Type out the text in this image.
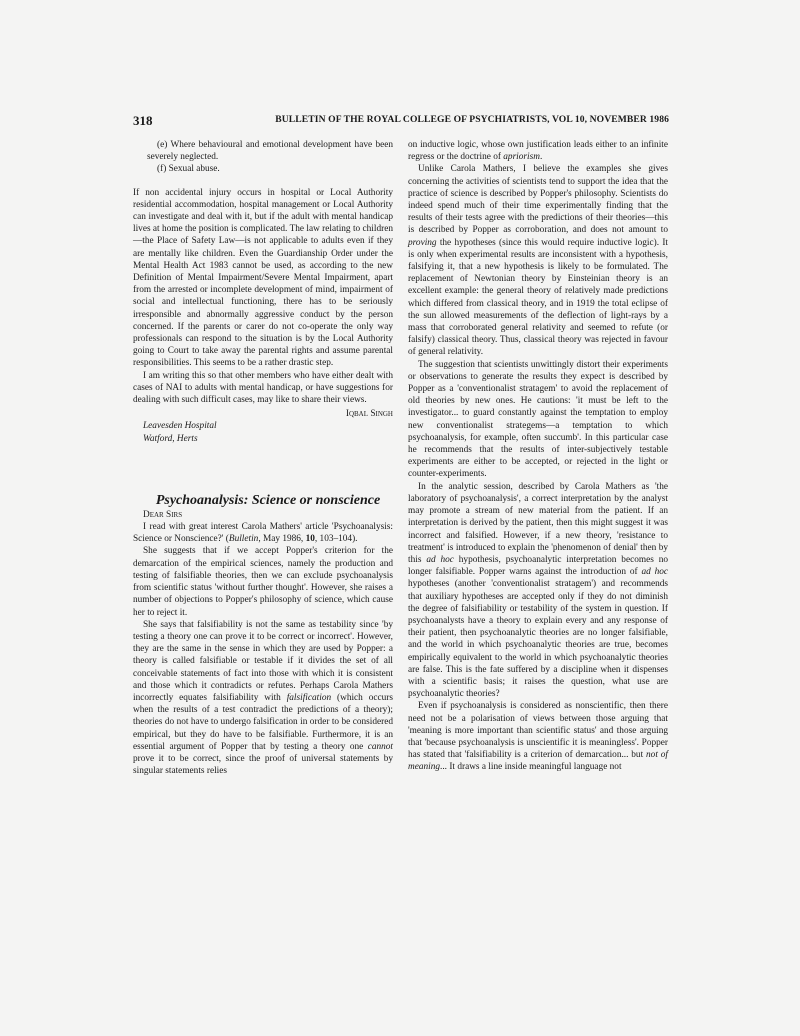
318	BULLETIN OF THE ROYAL COLLEGE OF PSYCHIATRISTS, VOL 10, NOVEMBER 1986

(e) Where behavioural and emotional development have been severely neglected.

(f) Sexual abuse.

If non accidental injury occurs in hospital or Local Authority residential accommodation, hospital management or Local Authority can investigate and deal with it, but if the adult with mental handicap lives at home the position is complicated. The law relating to children—the Place of Safety Law—is not applicable to adults even if they are mentally like children. Even the Guardianship Order under the Mental Health Act 1983 cannot be used, as according to the new Definition of Mental Impairment/Severe Mental Impairment, apart from the arrested or incomplete development of mind, impairment of social and intellectual functioning, there has to be seriously irresponsible and abnormally aggressive conduct by the person concerned. If the parents or carer do not co-operate the only way professionals can respond to the situation is by the Local Authority going to Court to take away the parental rights and assume parental responsibilities. This seems to be a rather drastic step.

I am writing this so that other members who have either dealt with cases of NAI to adults with mental handicap, or have suggestions for dealing with such difficult cases, may like to share their views.

Iqbal Singh

Leavesden Hospital

Watford, Herts

Psychoanalysis: Science or nonscience

Dear Sirs

I read with great interest Carola Mathers' article 'Psychoanalysis: Science or Nonscience?' (Bulletin, May 1986, 10, 103–104).

She suggests that if we accept Popper's criterion for the demarcation of the empirical sciences, namely the production and testing of falsifiable theories, then we can exclude psychoanalysis from scientific status 'without further thought'. However, she raises a number of objections to Popper's philosophy of science, which cause her to reject it.

She says that falsifiability is not the same as testability since 'by testing a theory one can prove it to be correct or incorrect'. However, they are the same in the sense in which they are used by Popper: a theory is called falsifiable or testable if it divides the set of all conceivable statements of fact into those with which it is consistent and those which it contradicts or refutes. Perhaps Carola Mathers incorrectly equates falsifiability with falsification (which occurs when the results of a test contradict the predictions of a theory); theories do not have to undergo falsification in order to be considered empirical, but they do have to be falsifiable. Furthermore, it is an essential argument of Popper that by testing a theory one cannot prove it to be correct, since the proof of universal statements by singular statements relies

on inductive logic, whose own justification leads either to an infinite regress or the doctrine of apriorism.

Unlike Carola Mathers, I believe the examples she gives concerning the activities of scientists tend to support the idea that the practice of science is described by Popper's philosophy. Scientists do indeed spend much of their time experimentally finding that the results of their tests agree with the predictions of their theories—this is described by Popper as corroboration, and does not amount to proving the hypotheses (since this would require inductive logic). It is only when experimental results are inconsistent with a hypothesis, falsifying it, that a new hypothesis is likely to be formulated. The replacement of Newtonian theory by Einsteinian theory is an excellent example: the general theory of relatively made predictions which differed from classical theory, and in 1919 the total eclipse of the sun allowed measurements of the deflection of light-rays by a mass that corroborated general relativity and seemed to refute (or falsify) classical theory. Thus, classical theory was rejected in favour of general relativity.

The suggestion that scientists unwittingly distort their experiments or observations to generate the results they expect is described by Popper as a 'conventionalist stratagem' to avoid the replacement of old theories by new ones. He cautions: 'it must be left to the investigator... to guard constantly against the temptation to employ new conventionalist strategems—a temptation to which psychoanalysis, for example, often succumb'. In this particular case he recommends that the results of inter-subjectively testable experiments are either to be accepted, or rejected in the light or counter-experiments.

In the analytic session, described by Carola Mathers as 'the laboratory of psychoanalysis', a correct interpretation by the analyst may promote a stream of new material from the patient. If an interpretation is derived by the patient, then this might suggest it was incorrect and falsified. However, if a new theory, 'resistance to treatment' is introduced to explain the 'phenomenon of denial' then by this ad hoc hypothesis, psychoanalytic interpretation becomes no longer falsifiable. Popper warns against the introduction of ad hoc hypotheses (another 'conventionalist stratagem') and recommends that auxiliary hypotheses are accepted only if they do not diminish the degree of falsifiability or testability of the system in question. If psychoanalysts have a theory to explain every and any response of their patient, then psychoanalytic theories are no longer falsifiable, and the world in which psychoanalytic theories are true, becomes empirically equivalent to the world in which psychoanalytic theories are false. This is the fate suffered by a discipline when it dispenses with a scientific basis; it raises the question, what use are psychoanalytic theories?

Even if psychoanalysis is considered as nonscientific, then there need not be a polarisation of views between those arguing that 'meaning is more important than scientific status' and those arguing that 'because psychoanalysis is unscientific it is meaningless'. Popper has stated that 'falsifiability is a criterion of demarcation... but not of meaning... It draws a line inside meaningful language not
